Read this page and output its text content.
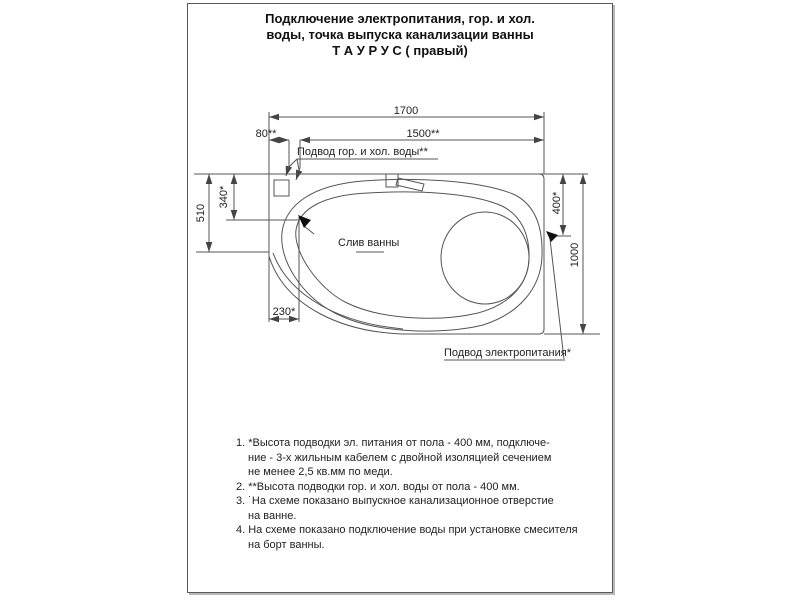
Подключение электропитания, гор. и хол.
воды, точка выпуска канализации ванны
Т А У Р У С ( правый)
1700
80**	1500**
510
340*
230*
400*
1000
Подвод гор. и хол. воды**
Слив ванны
Подвод электропитания*
1. *Высота подводки эл. питания от пола - 400 мм, подключе-
ние - 3-х жильным кабелем с двойной изоляцией сечением
не менее 2,5 кв.мм по меди.
2. **Высота подводки гор. и хол. воды от пола - 400 мм.
3. ˙На схеме показано выпускное канализационное отверстие
на ванне.
4. На схеме показано подключение воды при установке смесителя
на борт ванны.
